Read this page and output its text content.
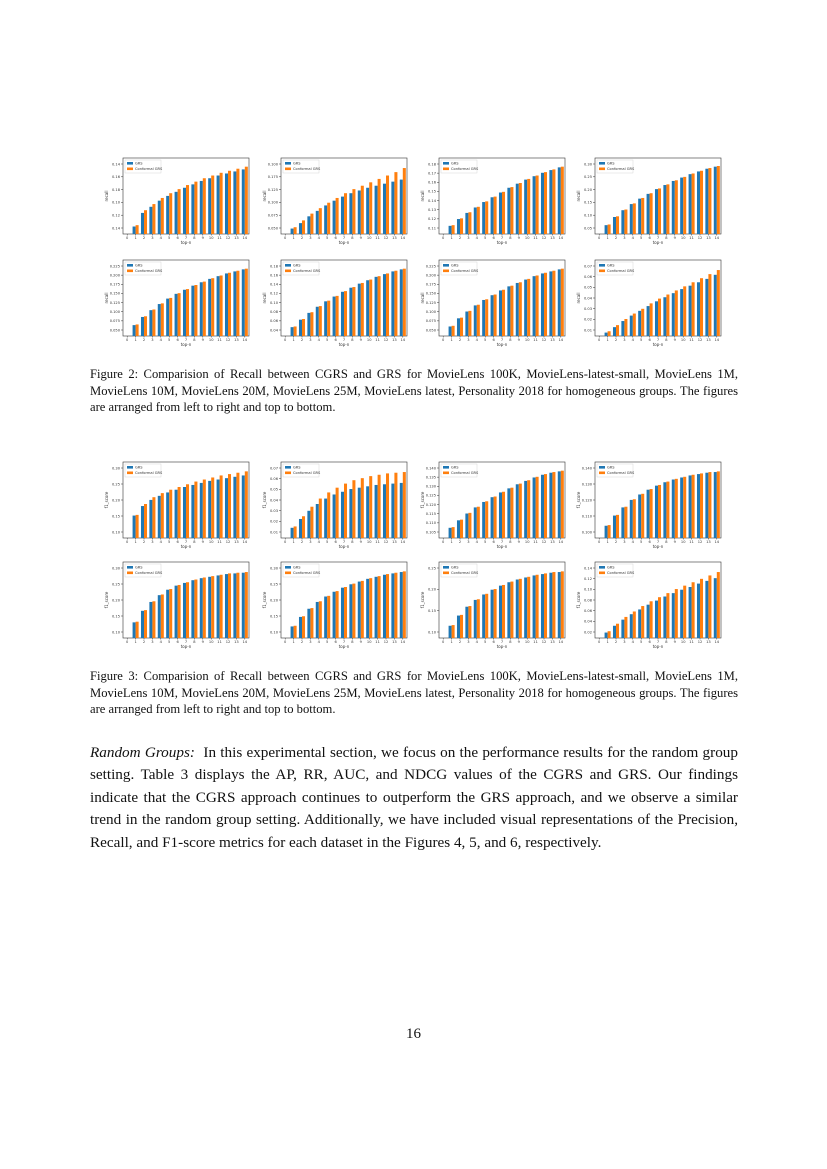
0.14
0.16
0.18
0.10
0.12
0.14
recall
0 1 2 3 4 5 6 7 8 9 10 11 12 13 14
top-n
GRS
Conformal GRS
0.100
0.175
0.125
0.100
0.075
0.050
recall
0 1 2 3 4 5 6 7 8 9 10 11 12 13 14
top-n
GRS
Conformal GRS
0.18
0.17
0.16
0.15
0.14
0.13
0.12
0.11
recall
0 1 2 3 4 5 6 7 8 9 10 11 12 13 14
top-n
GRS
Conformal GRS
0.30
0.25
0.20
0.15
0.10
0.05
recall
0 1 2 3 4 5 6 7 8 9 10 11 12 13 14
top-n
GRS
Conformal GRS
0.225
0.200
0.175
0.150
0.125
0.100
0.075
0.050
recall
0 1 2 3 4 5 6 7 8 9 10 11 12 13 14
top-n
GRS
Conformal GRS
0.18
0.16
0.14
0.12
0.10
0.08
0.06
0.04
recall
0 1 2 3 4 5 6 7 8 9 10 11 12 13 14
top-n
GRS
Conformal GRS
0.225
0.200
0.175
0.150
0.125
0.100
0.075
0.050
recall
0 1 2 3 4 5 6 7 8 9 10 11 12 13 14
top-n
GRS
Conformal GRS
0.07
0.06
0.05
0.04
0.03
0.02
0.01
recall
0 1 2 3 4 5 6 7 8 9 10 11 12 13 14
top-n
GRS
Conformal GRS
Figure 2: Comparision of Recall between CGRS and GRS for MovieLens 100K, MovieLens-latest-small, MovieLens 1M, MovieLens 10M, MovieLens 20M, MovieLens 25M, MovieLens latest, Personality 2018 for homogeneous groups. The figures are arranged from left to right and top to bottom.
0.30
0.25
0.20
0.15
0.10
f1_score
0 1 2 3 4 5 6 7 8 9 10 11 12 13 14
top-n
GRS
Conformal GRS
0.07
0.06
0.05
0.04
0.03
0.02
0.01
f1_score
0 1 2 3 4 5 6 7 8 9 10 11 12 13 14
top-n
GRS
Conformal GRS
0.140
0.135
0.130
0.125
0.120
0.115
0.110
0.105
f1_score
0 1 2 3 4 5 6 7 8 9 10 11 12 13 14
top-n
GRS
Conformal GRS
0.140
0.130
0.120
0.110
0.100
f1_score
0 1 2 3 4 5 6 7 8 9 10 11 12 13 14
top-n
GRS
Conformal GRS
0.30
0.25
0.20
0.15
0.10
f1_score
0 1 2 3 4 5 6 7 8 9 10 11 12 13 14
top-n
GRS
Conformal GRS
0.30
0.25
0.20
0.15
0.10
f1_score
0 1 2 3 4 5 6 7 8 9 10 11 12 13 14
top-n
GRS
Conformal GRS
0.25
0.20
0.15
0.10
f1_score
0 1 2 3 4 5 6 7 8 9 10 11 12 13 14
top-n
GRS
Conformal GRS
0.14
0.12
0.10
0.08
0.06
0.04
0.02
f1_score
0 1 2 3 4 5 6 7 8 9 10 11 12 13 14
top-n
GRS
Conformal GRS
Figure 3: Comparision of Recall between CGRS and GRS for MovieLens 100K, MovieLens-latest-small, MovieLens 1M, MovieLens 10M, MovieLens 20M, MovieLens 25M, MovieLens latest, Personality 2018 for homogeneous groups. The figures are arranged from left to right and top to bottom.
Random Groups: In this experimental section, we focus on the performance results for the random group setting. Table 3 displays the AP, RR, AUC, and NDCG values of the CGRS and GRS. Our findings indicate that the CGRS approach continues to outperform the GRS approach, and we observe a similar trend in the random group setting. Additionally, we have included visual representations of the Precision, Recall, and F1-score metrics for each dataset in the Figures 4, 5, and 6, respectively.
16
